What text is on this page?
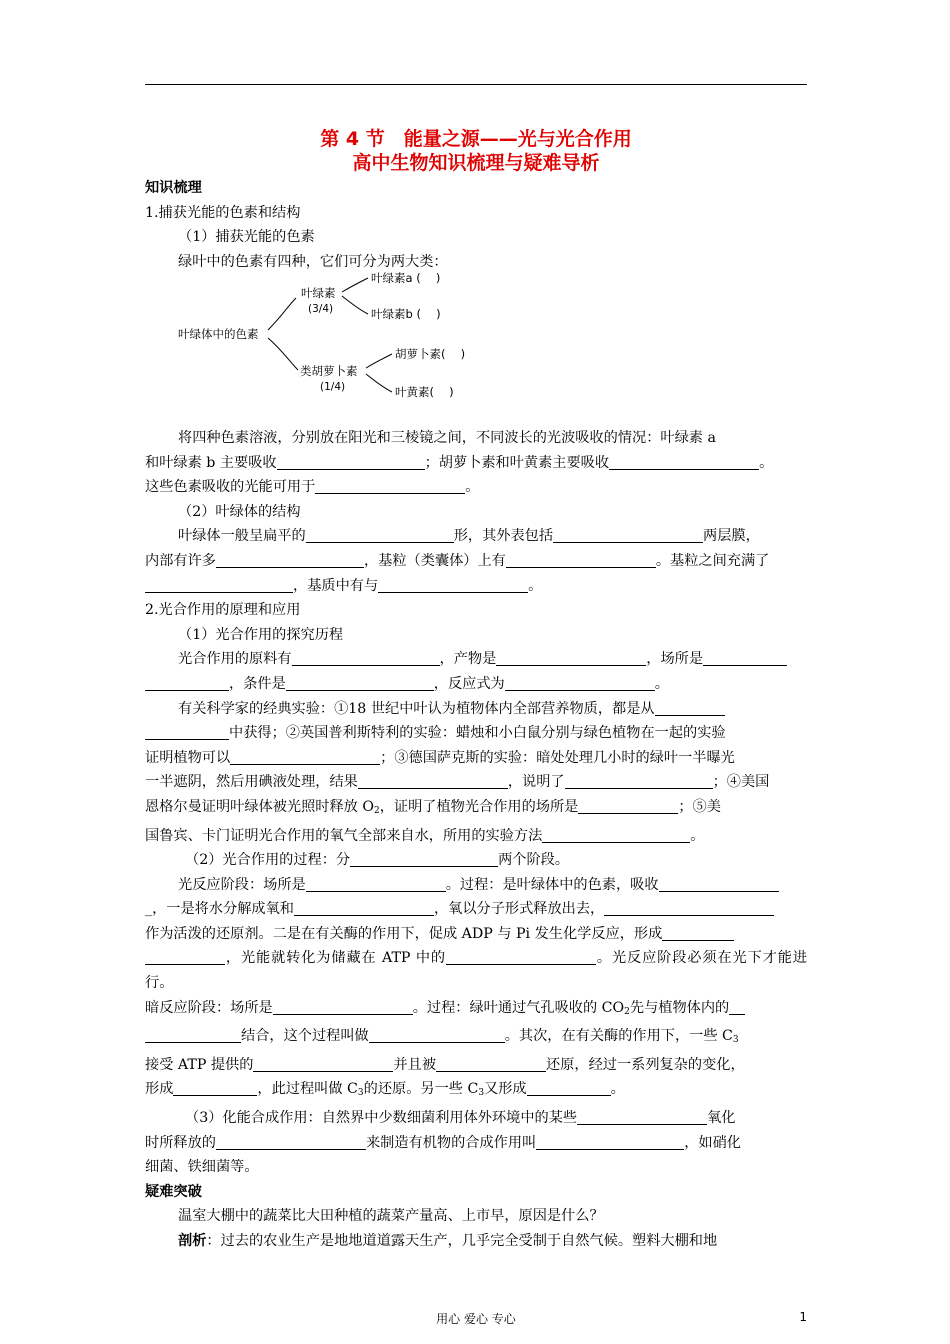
第 4 节　能量之源——光与光合作用
高中生物知识梳理与疑难导析
知识梳理
1.捕获光能的色素和结构
（1）捕获光能的色素
绿叶中的色素有四种，它们可分为两大类：
叶绿体中的色素
叶绿素
(3/4)
叶绿素a (　 )
叶绿素b (　 )
类胡萝卜素
(1/4)
胡萝卜素(　 )
叶黄素(　 )
将四种色素溶液，分别放在阳光和三棱镜之间，不同波长的光波吸收的情况：叶绿素 a

和叶绿素 b 主要吸收	；胡萝卜素和叶黄素主要吸收	。
这些色素吸收的光能可用于	。
（2）叶绿体的结构
叶绿体一般呈扁平的	形，其外表包括	两层膜，
内部有许多	，基粒（类囊体）上有	。基粒之间充满了
，基质中有与	。
2.光合作用的原理和应用
（1）光合作用的探究历程
光合作用的原料有	，产物是	，场所是
，条件是	，反应式为	。
有关科学家的经典实验：①18 世纪中叶认为植物体内全部营养物质，都是从
中获得；②英国普利斯特利的实验：蜡烛和小白鼠分别与绿色植物在一起的实验
证明植物可以	；③德国萨克斯的实验：暗处处理几小时的绿叶一半曝光
一半遮阴，然后用碘液处理，结果	，说明了	；④美国
恩格尔曼证明叶绿体被光照时释放 $O_2$，证明了植物光合作用的场所是	；⑤美
国鲁宾、卡门证明光合作用的氧气全部来自水，所用的实验方法	。
（2）光合作用的过程：分	两个阶段。
光反应阶段：场所是	。过程：是叶绿体中的色素，吸收
_，一是将水分解成氧和	，氧以分子形式释放出去，
作为活泼的还原剂。二是在有关酶的作用下，促成 ADP 与 Pi 发生化学反应，形成
，光能就转化为储藏在 ATP 中的	。光反应阶段必须在光下才能进行。
暗反应阶段：场所是	。过程：绿叶通过气孔吸收的 $CO_2$先与植物体内的
结合，这个过程叫做	。其次，在有关酶的作用下，一些 $C_3$
接受 ATP 提供的	并且被	还原，经过一系列复杂的变化，
形成	，此过程叫做 $C_3$的还原。另一些 $C_3$又形成	。
（3）化能合成作用：自然界中少数细菌利用体外环境中的某些	氧化
时所释放的	来制造有机物的合成作用叫	，如硝化
细菌、铁细菌等。
疑难突破
温室大棚中的蔬菜比大田种植的蔬菜产量高、上市早，原因是什么？
剖析：过去的农业生产是地地道道露天生产，几乎完全受制于自然气候。塑料大棚和地
用心 爱心 专心	1
